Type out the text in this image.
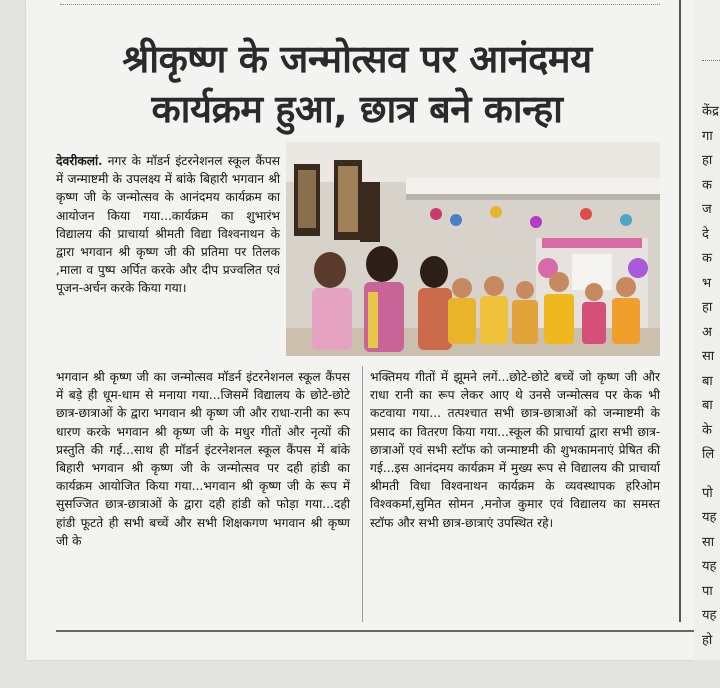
श्रीकृष्ण के जन्मोत्सव पर आनंदमय
कार्यक्रम हुआ, छात्र बने कान्हा
देवरीकलां. नगर के मॉडर्न इंटरनेशनल स्कूल कैंपस में जन्माष्टमी के उपलक्ष्य में बांके बिहारी भगवान श्री कृष्ण जी के जन्मोत्सव के आनंदमय कार्यक्रम का आयोजन किया गया...कार्यक्रम का शुभारंभ विद्यालय की प्राचार्या श्रीमती विद्या विश्वनाथन के द्वारा भगवान श्री कृष्ण जी की प्रतिमा पर तिलक ,माला व पुष्प अर्पित करके और दीप प्रज्वलित एवं पूजन-अर्चन करके किया गया।
भगवान श्री कृष्ण जी का जन्मोत्सव मॉडर्न इंटरनेशनल स्कूल कैंपस में बड़े ही धूम-धाम से मनाया गया...जिसमें विद्यालय के छोटे-छोटे छात्र-छात्राओं के द्वारा भगवान श्री कृष्ण जी और राधा-रानी का रूप धारण करके भगवान श्री कृष्ण जी के मधुर गीतों और नृत्यों की प्रस्तुति की गई...साथ ही मॉडर्न इंटरनेशनल स्कूल कैंपस में बांके बिहारी भगवान श्री कृष्ण जी के जन्मोत्सव पर दही हांडी का कार्यक्रम आयोजित किया गया...भगवान श्री कृष्ण जी के रूप में सुसज्जित छात्र-छात्राओं के द्वारा दही हांडी को फोड़ा गया...दही हांडी फूटते ही सभी बच्चें और सभी शिक्षकगण भगवान श्री कृष्ण जी के
भक्तिमय गीतों में झूमने लगें...छोटे-छोटे बच्चें जो कृष्ण जी और राधा रानी का रूप लेकर आए थे उनसे जन्मोत्सव पर केक भी कटवाया गया... तत्पश्चात सभी छात्र-छात्राओं को जन्माष्टमी के प्रसाद का वितरण किया गया...स्कूल की प्राचार्या द्वारा सभी छात्र-छात्राओं एवं सभी स्टॉफ को जन्माष्टमी की शुभकामनाएं प्रेषित की गई...इस आनंदमय कार्यक्रम में मुख्य रूप से विद्यालय की प्राचार्या श्रीमती विधा विश्वनाथन कार्यक्रम के व्यवस्थापक हरिओम विश्वकर्मा,सुमित सोमन ,मनोज कुमार एवं विद्यालय का समस्त स्टॉफ और सभी छात्र-छात्राएं उपस्थित रहे।
केंद्र
गा
हा
क
ज
दे
क
भ
हा
अ
सा
बा
बा
के
लि
पो
यह
सा
यह
पा
यह
हो
